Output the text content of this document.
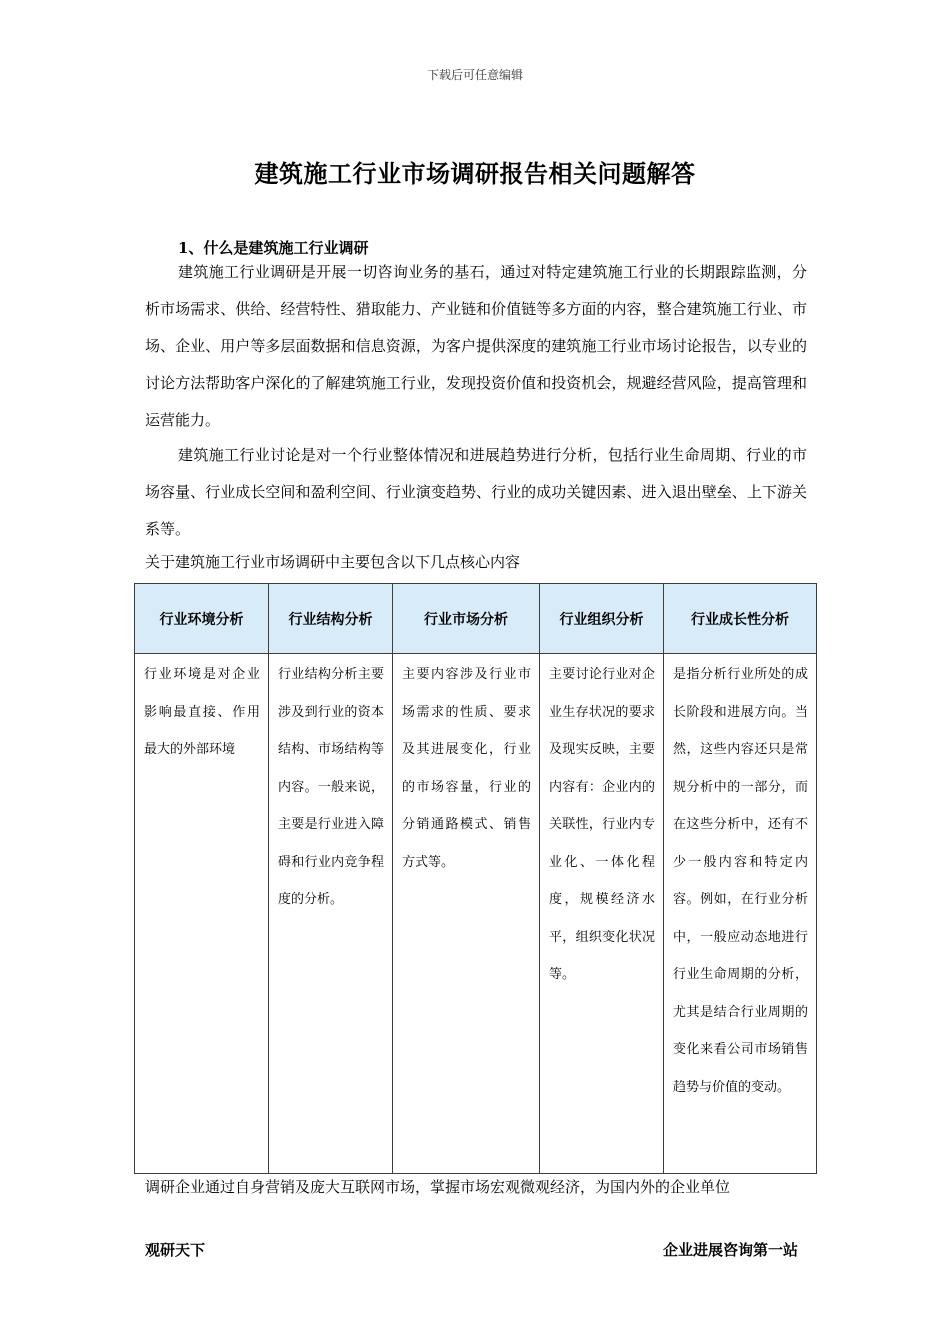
下载后可任意编辑
建筑施工行业市场调研报告相关问题解答
1、什么是建筑施工行业调研

建筑施工行业调研是开展一切咨询业务的基石，通过对特定建筑施工行业的长期跟踪监测，分析市场需求、供给、经营特性、猎取能力、产业链和价值链等多方面的内容，整合建筑施工行业、市场、企业、用户等多层面数据和信息资源，为客户提供深度的建筑施工行业市场讨论报告，以专业的讨论方法帮助客户深化的了解建筑施工行业，发现投资价值和投资机会，规避经营风险，提高管理和运营能力。

建筑施工行业讨论是对一个行业整体情况和进展趋势进行分析，包括行业生命周期、行业的市场容量、行业成长空间和盈利空间、行业演变趋势、行业的成功关键因素、进入退出壁垒、上下游关系等。

关于建筑施工行业市场调研中主要包含以下几点核心内容
行业环境分析	行业结构分析	行业市场分析	行业组织分析	行业成长性分析
行业环境是对企业影响最直接、作用最大的外部环境	行业结构分析主要涉及到行业的资本结构、市场结构等内容。一般来说，主要是行业进入障碍和行业内竞争程度的分析。	主要内容涉及行业市场需求的性质、要求及其进展变化，行业的市场容量，行业的分销通路模式、销售方式等。	主要讨论行业对企业生存状况的要求及现实反映，主要内容有：企业内的关联性，行业内专业化、一体化程度，规模经济水平，组织变化状况等。	是指分析行业所处的成长阶段和进展方向。当然，这些内容还只是常规分析中的一部分，而在这些分析中，还有不少一般内容和特定内容。例如，在行业分析中，一般应动态地进行行业生命周期的分析，尤其是结合行业周期的变化来看公司市场销售趋势与价值的变动。
调研企业通过自身营销及庞大互联网市场，掌握市场宏观微观经济，为国内外的企业单位
观研天下	企业进展咨询第一站
